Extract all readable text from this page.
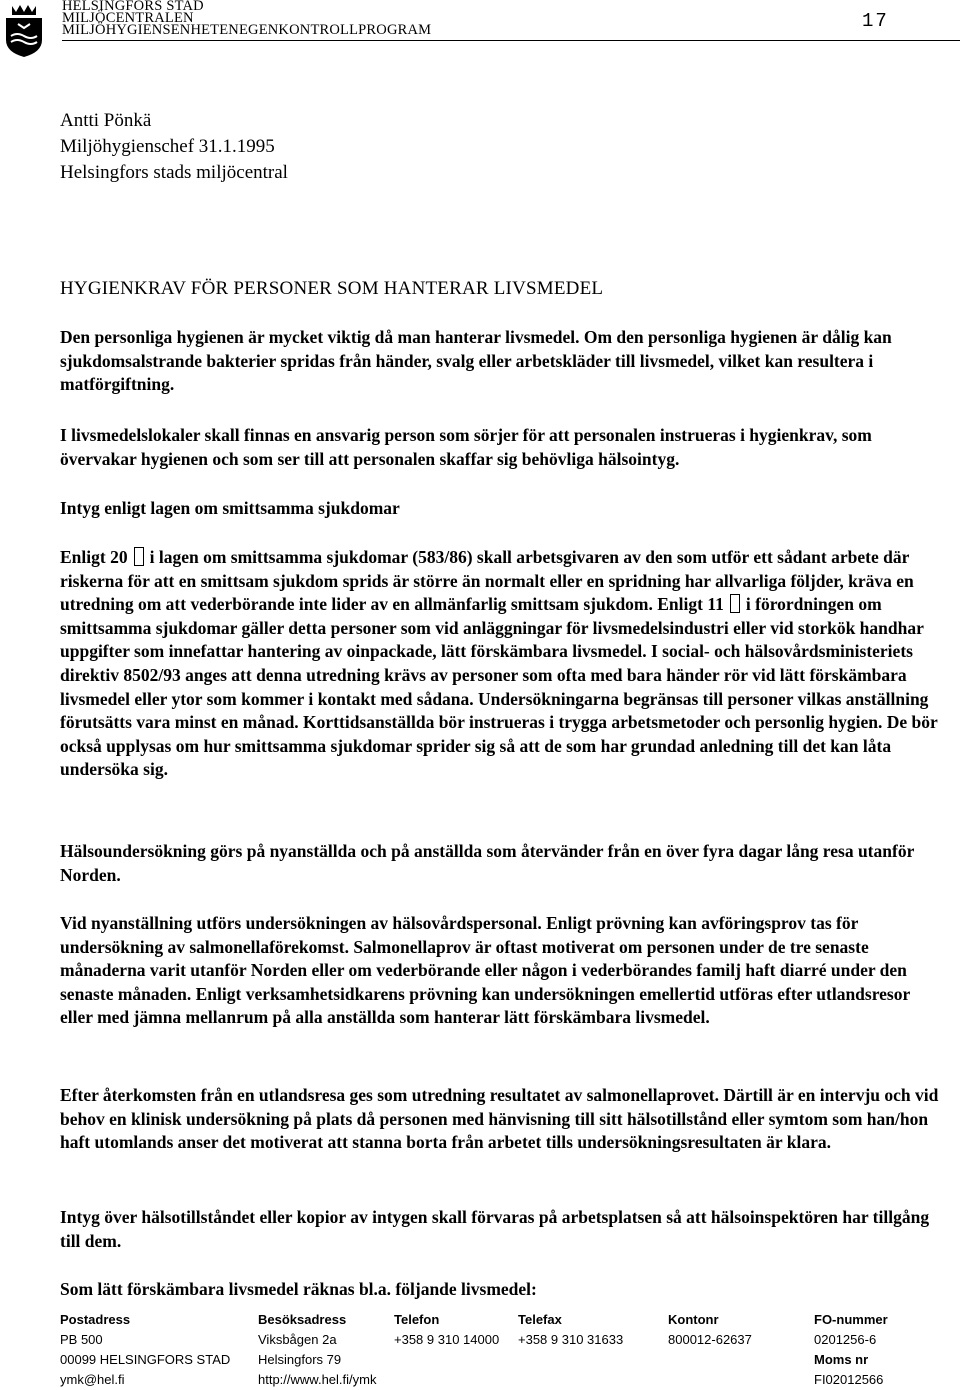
HELSINGFORS STAD
MILJÖCENTRALEN
MILJÖHYGIENSENHETENEGENKONTROLLPROGRAM	17
Antti Pönkä
Miljöhygienschef 31.1.1995
Helsingfors stads miljöcentral
HYGIENKRAV FÖR PERSONER SOM HANTERAR LIVSMEDEL

Den personliga hygienen är mycket viktig då man hanterar livsmedel. Om den personliga hygienen är dålig kan sjukdomsalstrande bakterier spridas från händer, svalg eller arbetskläder till livsmedel, vilket kan resultera i matförgiftning.

I livsmedelslokaler skall finnas en ansvarig person som sörjer för att personalen instrueras i hygienkrav, som övervakar hygienen och som ser till att personalen skaffar sig behövliga hälsointyg.

Intyg enligt lagen om smittsamma sjukdomar

Enligt 20 i lagen om smittsamma sjukdomar (583/86) skall arbetsgivaren av den som utför ett sådant arbete där riskerna för att en smittsam sjukdom sprids är större än normalt eller en spridning har allvarliga följder, kräva en utredning om att vederbörande inte lider av en allmänfarlig smittsam sjukdom. Enligt 11 i förordningen om smittsamma sjukdomar gäller detta personer som vid anläggningar för livsmedelsindustri eller vid storkök handhar uppgifter som innefattar hantering av oinpackade, lätt förskämbara livsmedel. I social- och hälsovårdsministeriets direktiv 8502/93 anges att denna utredning krävs av personer som ofta med bara händer rör vid lätt förskämbara livsmedel eller ytor som kommer i kontakt med sådana. Undersökningarna begränsas till personer vilkas anställning förutsätts vara minst en månad. Korttidsanställda bör instrueras i trygga arbetsmetoder och personlig hygien. De bör också upplysas om hur smittsamma sjukdomar sprider sig så att de som har grundad anledning till det kan låta undersöka sig.

Hälsoundersökning görs på nyanställda och på anställda som återvänder från en över fyra dagar lång resa utanför Norden.

Vid nyanställning utförs undersökningen av hälsovårdspersonal. Enligt prövning kan avföringsprov tas för undersökning av salmonellaförekomst. Salmonellaprov är oftast motiverat om personen under de tre senaste månaderna varit utanför Norden eller om vederbörande eller någon i vederbörandes familj haft diarré under den senaste månaden. Enligt verksamhetsidkarens prövning kan undersökningen emellertid utföras efter utlandsresor eller med jämna mellanrum på alla anställda som hanterar lätt förskämbara livsmedel.

Efter återkomsten från en utlandsresa ges som utredning resultatet av salmonellaprovet. Därtill är en intervju och vid behov en klinisk undersökning på plats då personen med hänvisning till sitt hälsotillstånd eller symtom som han/hon haft utomlands anser det motiverat att stanna borta från arbetet tills undersökningsresultaten är klara.

Intyg över hälsotillståndet eller kopior av intygen skall förvaras på arbetsplatsen så att hälsoinspektören har tillgång till dem.

Som lätt förskämbara livsmedel räknas bl.a. följande livsmedel:

Postadress
PB 500
00099 HELSINGFORS STAD
ymk@hel.fi
Besöksadress
Viksbågen 2a
Helsingfors 79
http://www.hel.fi/ymk
Telefon
+358 9 310 14000
Telefax
+358 9 310 31633
Kontonr
800012-62637
FO-nummer
0201256-6
Moms nr
FI02012566
